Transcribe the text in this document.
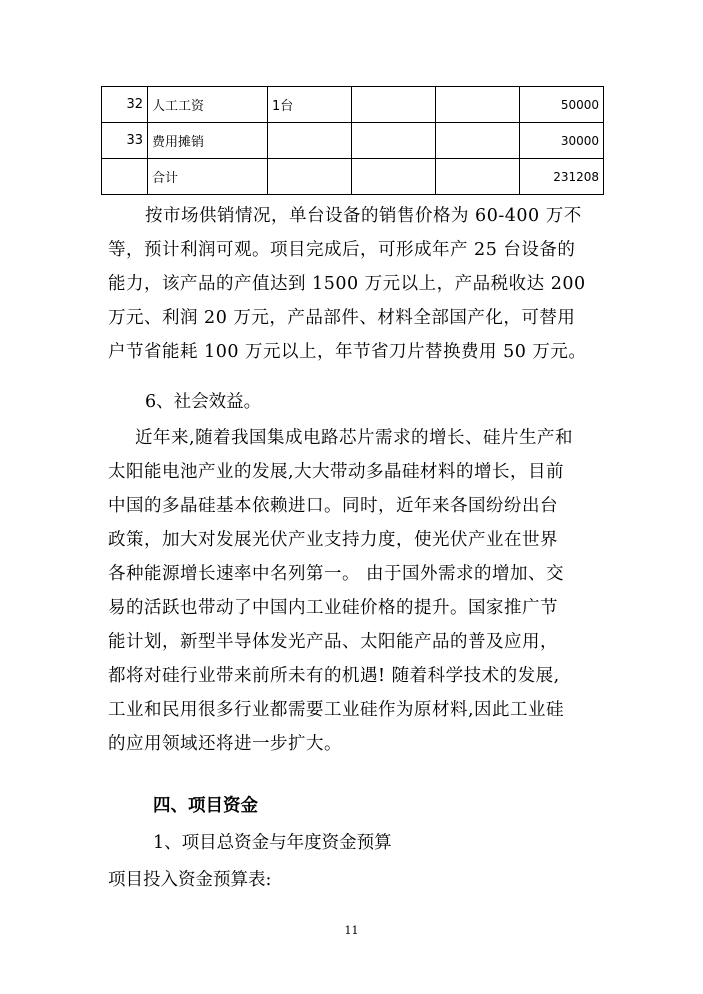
32	人工工资	1台			50000
33	费用摊销				30000
	合计				231208
按市场供销情况，单台设备的销售价格为 60-400 万不
等，预计利润可观。项目完成后，可形成年产 25 台设备的
能力，该产品的产值达到 1500 万元以上，产品税收达 200
万元、利润 20 万元，产品部件、材料全部国产化，可替用
户节省能耗 100 万元以上，年节省刀片替换费用 50 万元。
6、社会效益。
近年来,随着我国集成电路芯片需求的增长、硅片生产和
太阳能电池产业的发展,大大带动多晶硅材料的增长，目前
中国的多晶硅基本依赖进口。同时，近年来各国纷纷出台
政策，加大对发展光伏产业支持力度，使光伏产业在世界
各种能源增长速率中名列第一。 由于国外需求的增加、交
易的活跃也带动了中国内工业硅价格的提升。国家推广节
能计划，新型半导体发光产品、太阳能产品的普及应用，
都将对硅行业带来前所未有的机遇! 随着科学技术的发展,
工业和民用很多行业都需要工业硅作为原材料,因此工业硅
的应用领域还将进一步扩大。
四、项目资金
1、项目总资金与年度资金预算
项目投入资金预算表:
11
